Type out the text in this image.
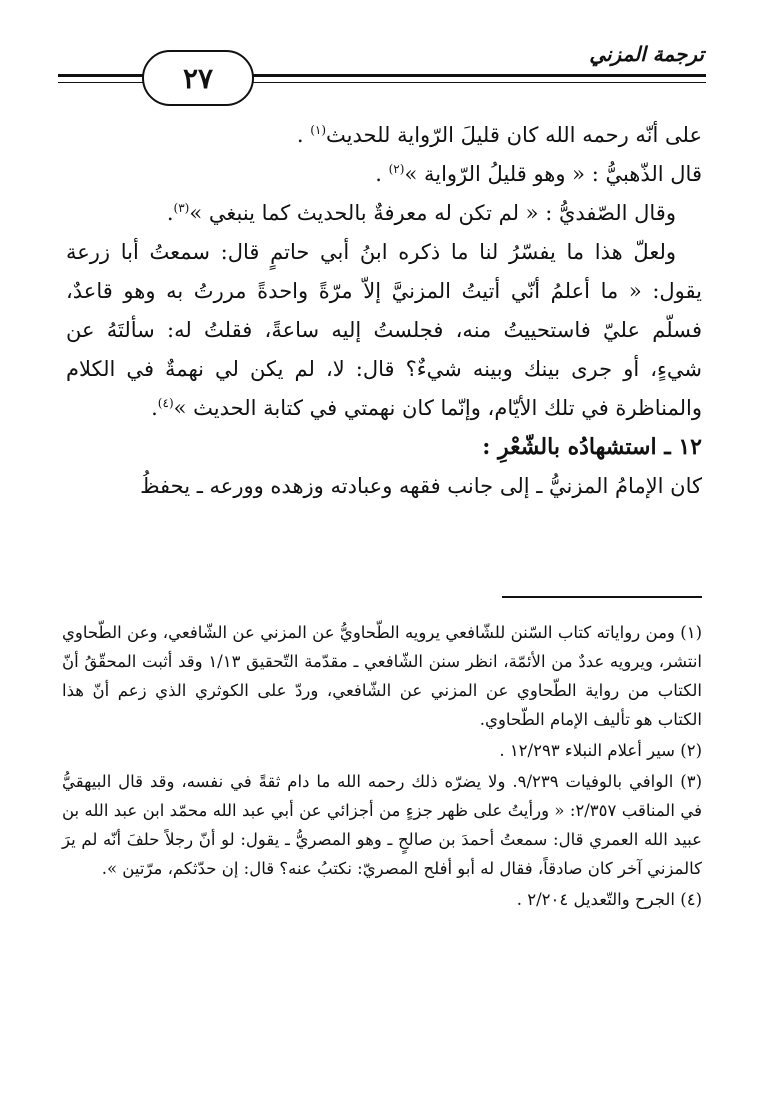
ترجمة المزني
٢٧

على أنّه رحمه الله كان قليلَ الرّواية للحديث$^{(١)}$ .

قال الذّهبيُّ : « وهو قليلُ الرّواية »$^{(٢)}$ .

وقال الصّفديُّ : « لم تكن له معرفةٌ بالحديث كما ينبغي »$^{(٣)}$.

ولعلّ هذا ما يفسّرُ لنا ما ذكره ابنُ أبي حاتمٍ قال: سمعتُ أبا زرعة يقول: « ما أعلمُ أنّي أتيتُ المزنيَّ إلاّ مرّةً واحدةً مررتُ به وهو قاعدٌ، فسلّم عليّ فاستحييتُ منه، فجلستُ إليه ساعةً، فقلتُ له: سألتَهُ عن شيءٍ، أو جرى بينك وبينه شيءٌ؟ قال: لا، لم يكن لي نهمةٌ في الكلام والمناظرة في تلك الأيّام، وإنّما كان نهمتي في كتابة الحديث »$^{(٤)}$.

١٢ ـ استشهادُه بالشّعْرِ :

كان الإمامُ المزنيُّ ـ إلى جانب فقهه وعبادته وزهده وورعه ـ يحفظُ

(١) ومن رواياته كتاب السّنن للشّافعي يرويه الطّحاويُّ عن المزني عن الشّافعي، وعن الطّحاوي انتشر، ويرويه عددٌ من الأئمّة، انظر سنن الشّافعي ـ مقدّمة التّحقيق ١/١٣ وقد أثبت المحقّقُ أنّ الكتاب من رواية الطّحاوي عن المزني عن الشّافعي، وردّ على الكوثري الذي زعم أنّ هذا الكتاب هو تأليف الإمام الطّحاوي.

(٢) سير أعلام النبلاء ١٢/٢٩٣ .

(٣) الوافي بالوفيات ٩/٢٣٩. ولا يضرّه ذلك رحمه الله ما دام ثقةً في نفسه، وقد قال البيهقيُّ في المناقب ٢/٣٥٧: « ورأيتُ على ظهر جزءٍ من أجزائي عن أبي عبد الله محمّد ابن عبد الله بن عبيد الله العمري قال: سمعتُ أحمدَ بن صالحٍ ـ وهو المصريُّ ـ يقول: لو أنّ رجلاً حلفَ أنّه لم يرَ كالمزني آخر كان صادقاً، فقال له أبو أفلح المصريّ: نكتبُ عنه؟ قال: إن حدّثكم، مرّتين ».

(٤) الجرح والتّعديل ٢/٢٠٤ .
